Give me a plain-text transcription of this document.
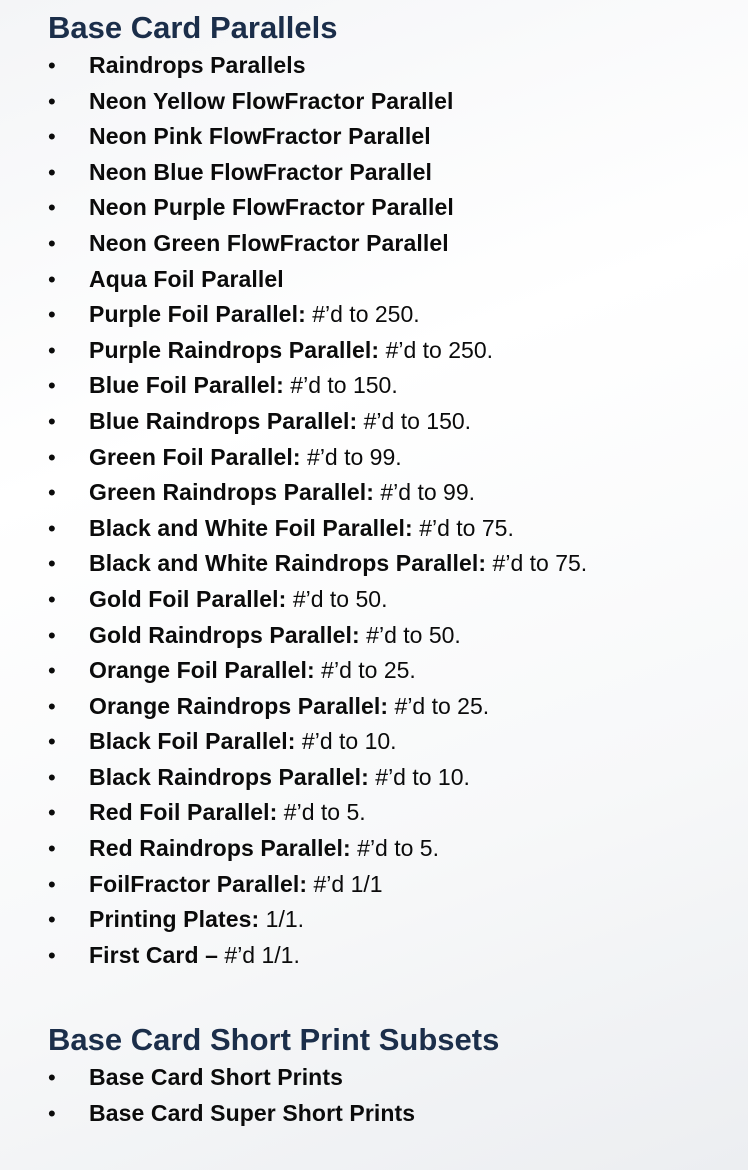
Base Card Parallels
• Raindrops Parallels
• Neon Yellow FlowFractor Parallel
• Neon Pink FlowFractor Parallel
• Neon Blue FlowFractor Parallel
• Neon Purple FlowFractor Parallel
• Neon Green FlowFractor Parallel
• Aqua Foil Parallel
• Purple Foil Parallel: #’d to 250.
• Purple Raindrops Parallel: #’d to 250.
• Blue Foil Parallel: #’d to 150.
• Blue Raindrops Parallel: #’d to 150.
• Green Foil Parallel: #’d to 99.
• Green Raindrops Parallel: #’d to 99.
• Black and White Foil Parallel: #’d to 75.
• Black and White Raindrops Parallel: #’d to 75.
• Gold Foil Parallel: #’d to 50.
• Gold Raindrops Parallel: #’d to 50.
• Orange Foil Parallel: #’d to 25.
• Orange Raindrops Parallel: #’d to 25.
• Black Foil Parallel: #’d to 10.
• Black Raindrops Parallel: #’d to 10.
• Red Foil Parallel: #’d to 5.
• Red Raindrops Parallel: #’d to 5.
• FoilFractor Parallel: #’d 1/1
• Printing Plates: 1/1.
• First Card – #’d 1/1.
Base Card Short Print Subsets
• Base Card Short Prints
• Base Card Super Short Prints
